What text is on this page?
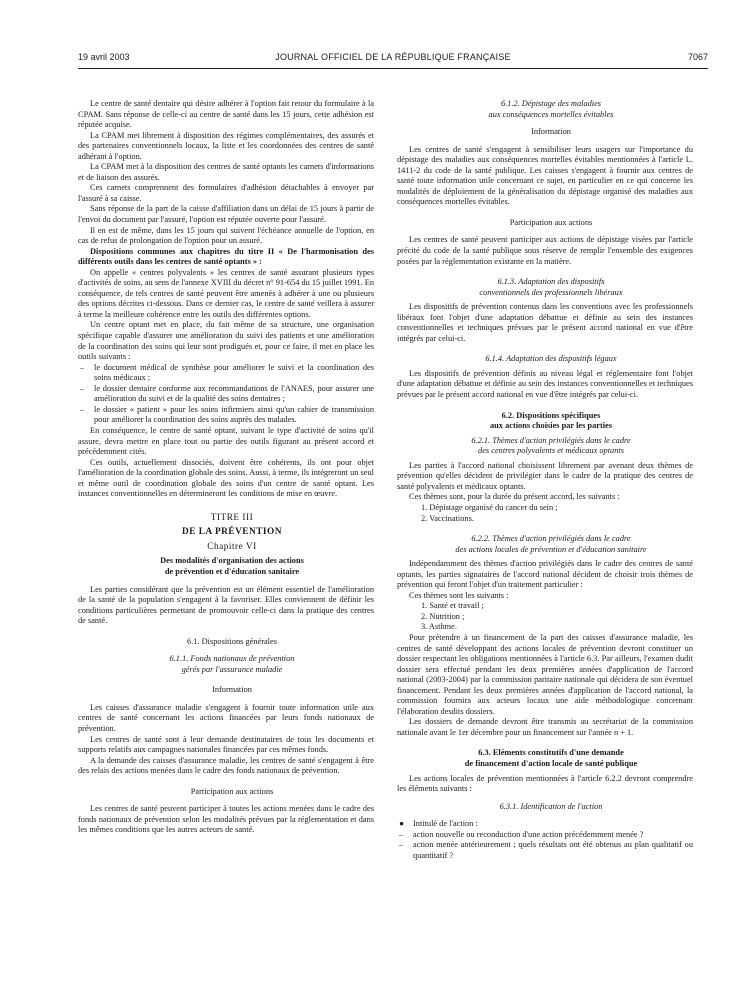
19 avril 2003	JOURNAL OFFICIEL DE LA RÉPUBLIQUE FRANÇAISE	7067

Le centre de santé dentaire qui désire adhérer à l'option fait retour du formulaire à la CPAM. Sans réponse de celle-ci au centre de santé dans les 15 jours, cette adhésion est réputée acquise.

La CPAM met librement à disposition des régimes complémentaires, des assurés et des partenaires conventionnels locaux, la liste et les coordonnées des centres de santé adhérant à l'option.

La CPAM met à la disposition des centres de santé optants les carnets d'informations et de liaison des assurés.

Ces carnets comprennent des formulaires d'adhésion détachables à envoyer par l'assuré à sa caisse.

Sans réponse de la part de la caisse d'affiliation dans un délai de 15 jours à partir de l'envoi du document par l'assuré, l'option est réputée ouverte pour l'assuré.

Il en est de même, dans les 15 jours qui suivent l'échéance annuelle de l'option, en cas de refus de prolongation de l'option pour un assuré.

Dispositions communes aux chapitres du titre II « De l'harmonisation des différents outils dans les centres de santé optants » :

On appelle « centres polyvalents » les centres de santé assurant plusieurs types d'activités de soins, au sens de l'annexe XVIII du décret n° 91-654 du 15 juillet 1991. En conséquence, de tels centres de santé peuvent être amenés à adhérer à une ou plusieurs des options décrites ci-dessous. Dans ce dernier cas, le centre de santé veillera à assurer à terme la meilleure cohérence entre les outils des différentes options.

Un centre optant met en place, du fait même de sa structure, une organisation spécifique capable d'assurer une amélioration du suivi des patients et une amélioration de la coordination des soins qui leur sont prodigués et, pour ce faire, il met en place les outils suivants :

–	le document médical de synthèse pour améliorer le suivi et la coordination des soins médicaux ;
–	le dossier dentaire conforme aux recommandations de l'ANAES, pour assurer une amélioration du suivi et de la qualité des soins dentaires ;
–	le dossier « patient » pour les soins infirmiers ainsi qu'un cahier de transmission pour améliorer la coordination des soins auprès des malades.

En conséquence, le centre de santé optant, suivant le type d'activité de soins qu'il assure, devra mettre en place tout ou partie des outils figurant au présent accord et précédemment cités.

Ces outils, actuellement dissociés, doivent être cohérents, ils ont pour objet l'amélioration de la coordination globale des soins. Aussi, à terme, ils intégreront un seul et même outil de coordination globale des soins d'un centre de santé optant. Les instances conventionnelles en détermineront les conditions de mise en œuvre.

TITRE III

DE LA PRÉVENTION

Chapitre VI

Des modalités d'organisation des actions

de prévention et d'éducation sanitaire

Les parties considérant que la prévention est un élément essentiel de l'amélioration de la santé de la population s'engagent à la favoriser. Elles conviennent de définir les conditions particulières permettant de promouvoir celle-ci dans la pratique des centres de santé.

6.1. Dispositions générales

6.1.1. Fonds nationaux de prévention

gérés par l'assurance maladie

Information

Les caisses d'assurance maladie s'engagent à fournir toute information utile aux centres de santé concernant les actions financées par leurs fonds nationaux de prévention.

Les centres de santé sont à leur demande destinataires de tous les documents et supports relatifs aux campagnes nationales financées par ces mêmes fonds.

A la demande des caisses d'assurance maladie, les centres de santé s'engagent à être des relais des actions menées dans le cadre des fonds nationaux de prévention.

Participation aux actions

Les centres de santé peuvent participer à toutes les actions menées dans le cadre des fonds nationaux de prévention selon les modalités prévues par la réglementation et dans les mêmes conditions que les autres acteurs de santé.

6.1.2. Dépistage des maladies

aux conséquences mortelles évitables

Information

Les centres de santé s'engagent à sensibiliser leurs usagers sur l'importance du dépistage des maladies aux conséquences mortelles évitables mentionnées à l'article L. 1411-2 du code de la santé publique. Les caisses s'engagent à fournir aux centres de santé toute information utile concernant ce sujet, en particulier en ce qui concerne les modalités de déploiement de la généralisation du dépistage organisé des maladies aux conséquences mortelles évitables.

Participation aux actions

Les centres de santé peuvent participer aux actions de dépistage visées par l'article précité du code de la santé publique sous réserve de remplir l'ensemble des exigences posées par la réglementation existante en la matière.

6.1.3. Adaptation des dispositifs

conventionnels des professionnels libéraux

Les dispositifs de prévention contenus dans les conventions avec les professionnels libéraux font l'objet d'une adaptation débattue et définie au sein des instances conventionnelles et techniques prévues par le présent accord national en vue d'être intégrés par celui-ci.

6.1.4. Adaptation des dispositifs légaux

Les dispositifs de prévention définis au niveau légal et réglementaire font l'objet d'une adaptation débattue et définie au sein des instances conventionnelles et techniques prévues par le présent accord national en vue d'être intégrés par celui-ci.

6.2. Dispositions spécifiques

aux actions choisies par les parties

6.2.1. Thèmes d'action privilégiés dans le cadre

des centres polyvalents et médicaux optants

Les parties à l'accord national choisissent librement par avenant deux thèmes de prévention qu'elles décident de privilégier dans le cadre de la pratique des centres de santé polyvalents et médicaux optants.

Ces thèmes sont, pour la durée du présent accord, les suivants :

1. Dépistage organisé du cancer du sein ;

2. Vaccinations.

6.2.2. Thèmes d'action privilégiés dans le cadre

des actions locales de prévention et d'éducation sanitaire

Indépendamment des thèmes d'action privilégiés dans le cadre des centres de santé optants, les parties signataires de l'accord national décident de choisir trois thèmes de prévention qui feront l'objet d'un traitement particulier :

Ces thèmes sont les suivants :

1. Santé et travail ;

2. Nutrition ;

3. Asthme.

Pour prétendre à un financement de la part des caisses d'assurance maladie, les centres de santé développant des actions locales de prévention devront constituer un dossier respectant les obligations mentionnées à l'article 6.3. Par ailleurs, l'examen dudit dossier sera effectué pendant les deux premières années d'application de l'accord national (2003-2004) par la commission paritaire nationale qui décidera de son éventuel financement. Pendant les deux premières années d'application de l'accord national, la commission fournira aux acteurs locaux une aide méthodologique concernant l'élaboration desdits dossiers.

Les dossiers de demande devront être transmis au secrétariat de la commission nationale avant le 1er décembre pour un financement sur l'année n + 1.

6.3. Eléments constitutifs d'une demande

de financement d'action locale de santé publique

Les actions locales de prévention mentionnées à l'article 6.2.2 devront comprendre les éléments suivants :

6.3.1. Identification de l'action

●	Intitulé de l'action :
–	action nouvelle ou reconduction d'une action précédemment menée ?
–	action menée antérieurement ; quels résultats ont été obtenus au plan qualitatif ou quantitatif ?
